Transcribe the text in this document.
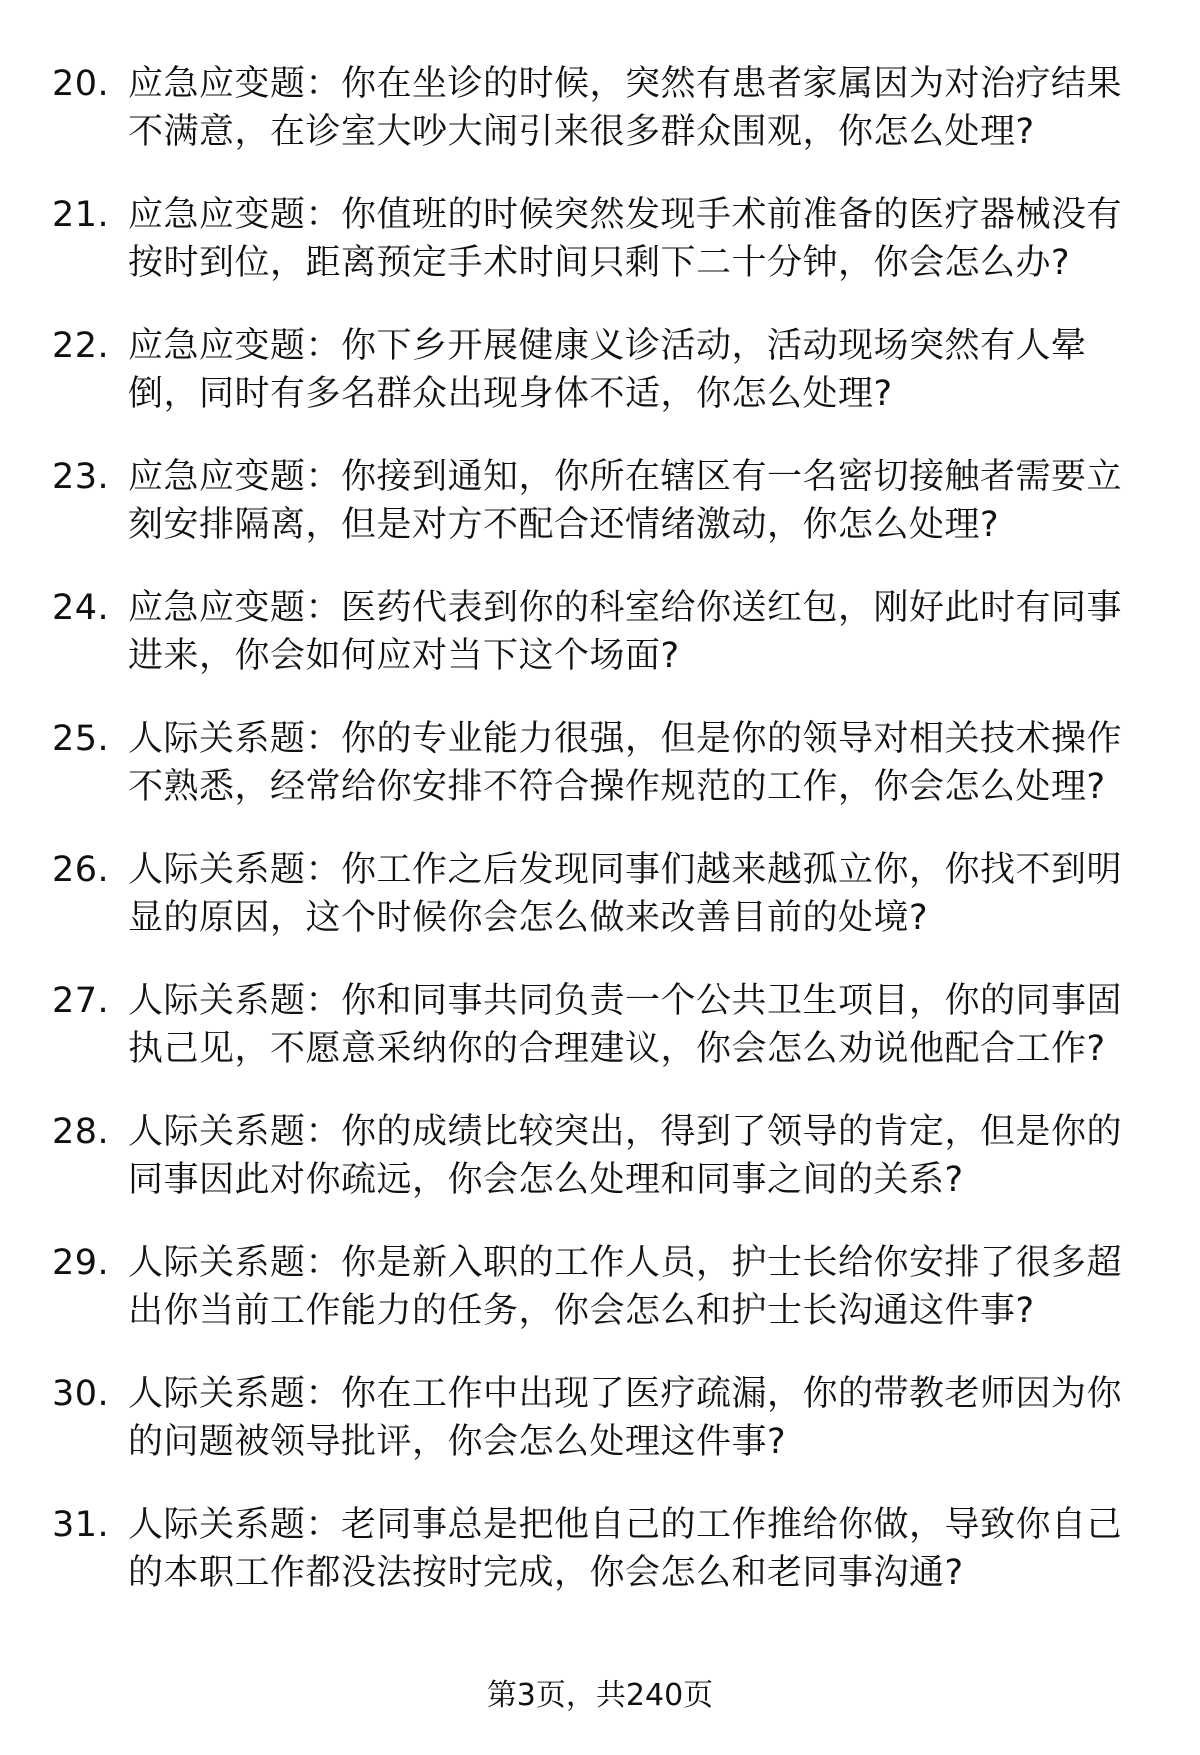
20. 应急应变题：你在坐诊的时候，突然有患者家属因为对治疗结果不满意，在诊室大吵大闹引来很多群众围观，你怎么处理?
21. 应急应变题：你值班的时候突然发现手术前准备的医疗器械没有按时到位，距离预定手术时间只剩下二十分钟，你会怎么办?
22. 应急应变题：你下乡开展健康义诊活动，活动现场突然有人晕倒，同时有多名群众出现身体不适，你怎么处理?
23. 应急应变题：你接到通知，你所在辖区有一名密切接触者需要立刻安排隔离，但是对方不配合还情绪激动，你怎么处理?
24. 应急应变题：医药代表到你的科室给你送红包，刚好此时有同事进来，你会如何应对当下这个场面?
25. 人际关系题：你的专业能力很强，但是你的领导对相关技术操作不熟悉，经常给你安排不符合操作规范的工作，你会怎么处理?
26. 人际关系题：你工作之后发现同事们越来越孤立你，你找不到明显的原因，这个时候你会怎么做来改善目前的处境?
27. 人际关系题：你和同事共同负责一个公共卫生项目，你的同事固执己见，不愿意采纳你的合理建议，你会怎么劝说他配合工作?
28. 人际关系题：你的成绩比较突出，得到了领导的肯定，但是你的同事因此对你疏远，你会怎么处理和同事之间的关系?
29. 人际关系题：你是新入职的工作人员，护士长给你安排了很多超出你当前工作能力的任务，你会怎么和护士长沟通这件事?
30. 人际关系题：你在工作中出现了医疗疏漏，你的带教老师因为你的问题被领导批评，你会怎么处理这件事?
31. 人际关系题：老同事总是把他自己的工作推给你做，导致你自己的本职工作都没法按时完成，你会怎么和老同事沟通?
第3页，共240页
